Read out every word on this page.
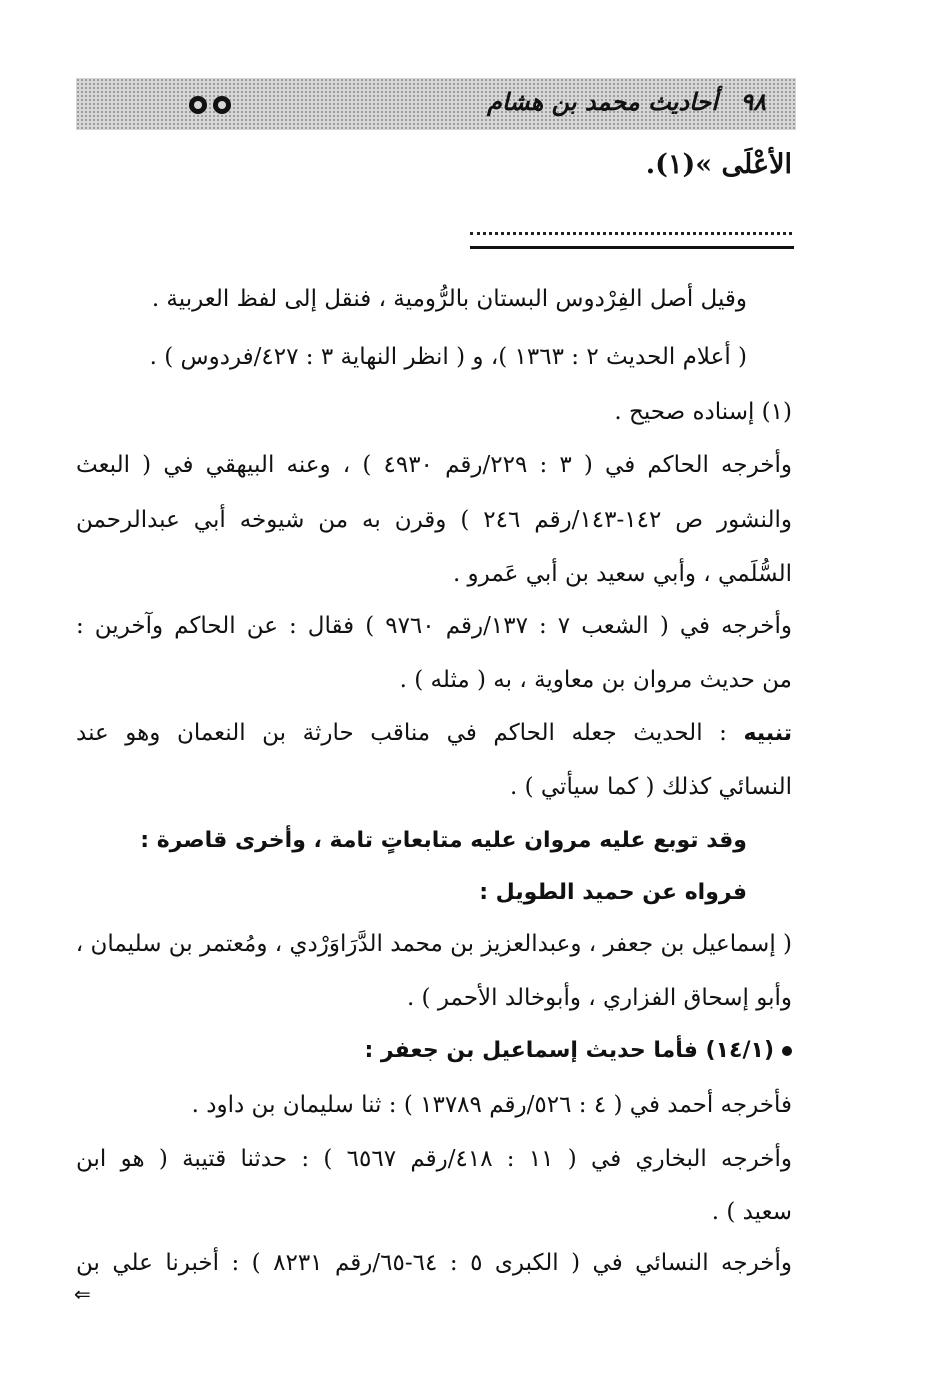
٩٨ أحاديث محمد بن هشام
الأعْلَى »(١).
وقيل أصل الفِرْدوس البستان بالرُّومية ، فنقل إلى لفظ العربية .
( أعلام الحديث ٢ : ١٣٦٣ )، و ( انظر النهاية ٣ : ٤٢٧/فردوس ) .
(١) إسناده صحيح .
وأخرجه الحاكم في ( ٣ : ٢٢٩/رقم ٤٩٣٠ ) ، وعنه البيهقي في ( البعث
والنشور ص ١٤٢-١٤٣/رقم ٢٤٦ ) وقرن به من شيوخه أبي عبدالرحمن
السُّلَمي ، وأبي سعيد بن أبي عَمرو .
وأخرجه في ( الشعب ٧ : ١٣٧/رقم ٩٧٦٠ ) فقال : عن الحاكم وآخرين :
من حديث مروان بن معاوية ، به ( مثله ) .
تنبيه : الحديث جعله الحاكم في مناقب حارثة بن النعمان وهو عند
النسائي كذلك ( كما سيأتي ) .
وقد توبع عليه مروان عليه متابعاتٍ تامة ، وأخرى قاصرة :
فرواه عن حميد الطويل :
( إسماعيل بن جعفر ، وعبدالعزيز بن محمد الدَّرَاوَرْدي ، ومُعتمر بن سليمان ،
وأبو إسحاق الفزاري ، وأبوخالد الأحمر ) .
(١٤/١) فأما حديث إسماعيل بن جعفر :
فأخرجه أحمد في ( ٤ : ٥٢٦/رقم ١٣٧٨٩ ) : ثنا سليمان بن داود .
وأخرجه البخاري في ( ١١ : ٤١٨/رقم ٦٥٦٧ ) : حدثنا قتيبة ( هو ابن
سعيد ) .
وأخرجه النسائي في ( الكبرى ٥ : ٦٤-٦٥/رقم ٨٢٣١ ) : أخبرنا علي بن
⇐
